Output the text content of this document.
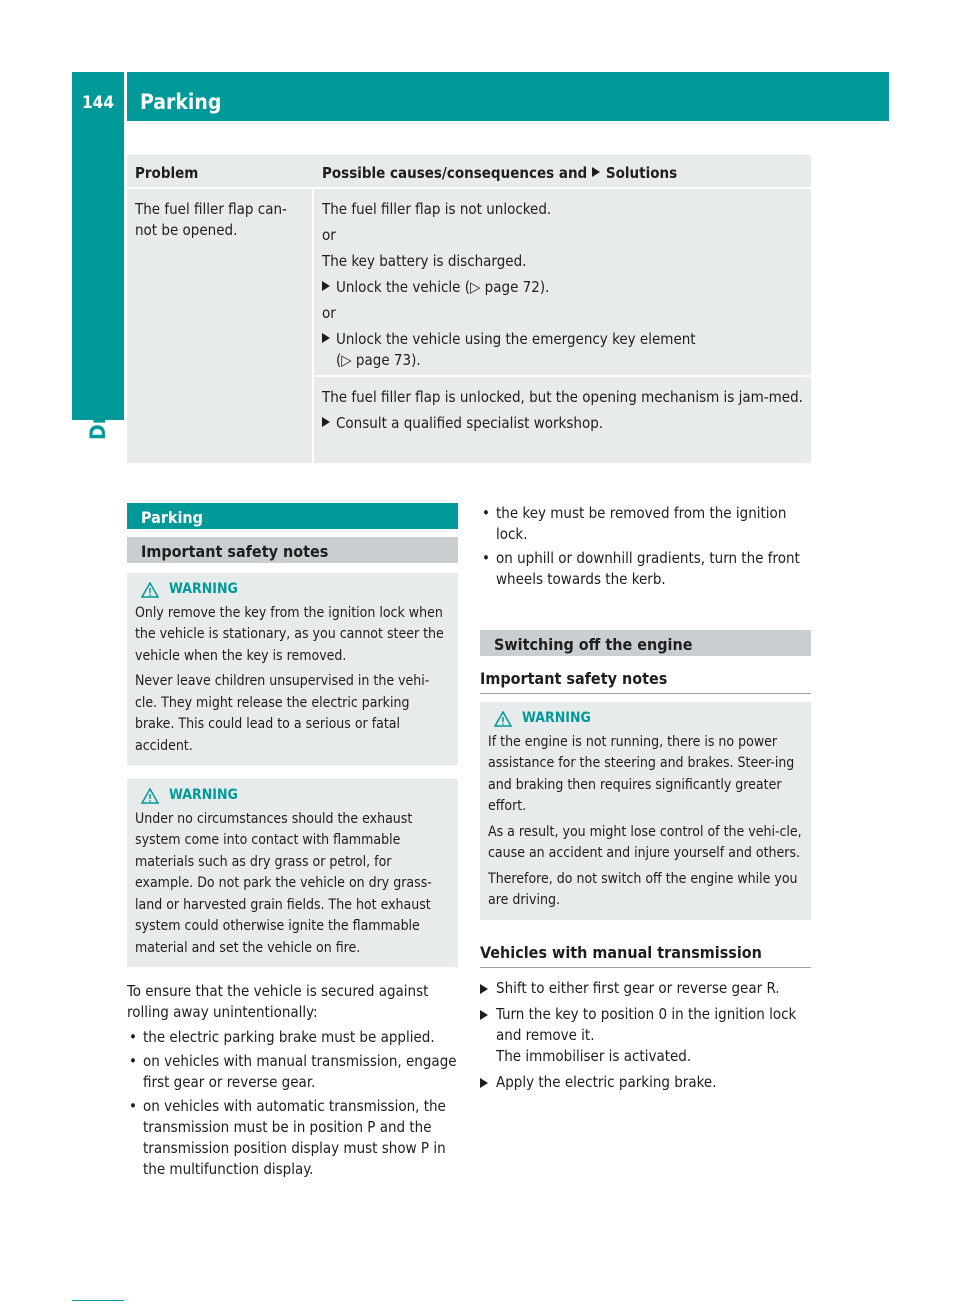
144	Parking
Driving and parking
Problem	Possible causes/consequences and Solutions
The fuel filler flap can-not be opened.

The fuel filler flap is not unlocked.

or

The key battery is discharged.

Unlock the vehicle (▷ page 72).

or

Unlock the vehicle using the emergency key element
(▷ page 73).

The fuel filler flap is unlocked, but the opening mechanism is jam-med.

Consult a qualified specialist workshop.

Parking
Important safety notes
WARNING

Only remove the key from the ignition lock when the vehicle is stationary, as you cannot steer the vehicle when the key is removed.

Never leave children unsupervised in the vehi-cle. They might release the electric parking brake. This could lead to a serious or fatal accident.

WARNING

Under no circumstances should the exhaust system come into contact with flammable materials such as dry grass or petrol, for example. Do not park the vehicle on dry grass-land or harvested grain fields. The hot exhaust system could otherwise ignite the flammable material and set the vehicle on fire.

To ensure that the vehicle is secured against rolling away unintentionally:

• the electric parking brake must be applied.
• on vehicles with manual transmission, engage first gear or reverse gear.
• on vehicles with automatic transmission, the transmission must be in position P and the transmission position display must show P in the multifunction display.
• the key must be removed from the ignition lock.
• on uphill or downhill gradients, turn the front wheels towards the kerb.
Switching off the engine
Important safety notes
WARNING

If the engine is not running, there is no power assistance for the steering and brakes. Steer-ing and braking then requires significantly greater effort.

As a result, you might lose control of the vehi-cle, cause an accident and injure yourself and others.

Therefore, do not switch off the engine while you are driving.

Vehicles with manual transmission
Shift to either first gear or reverse gear R.
Turn the key to position 0 in the ignition lock and remove it.
The immobiliser is activated.
Apply the electric parking brake.
